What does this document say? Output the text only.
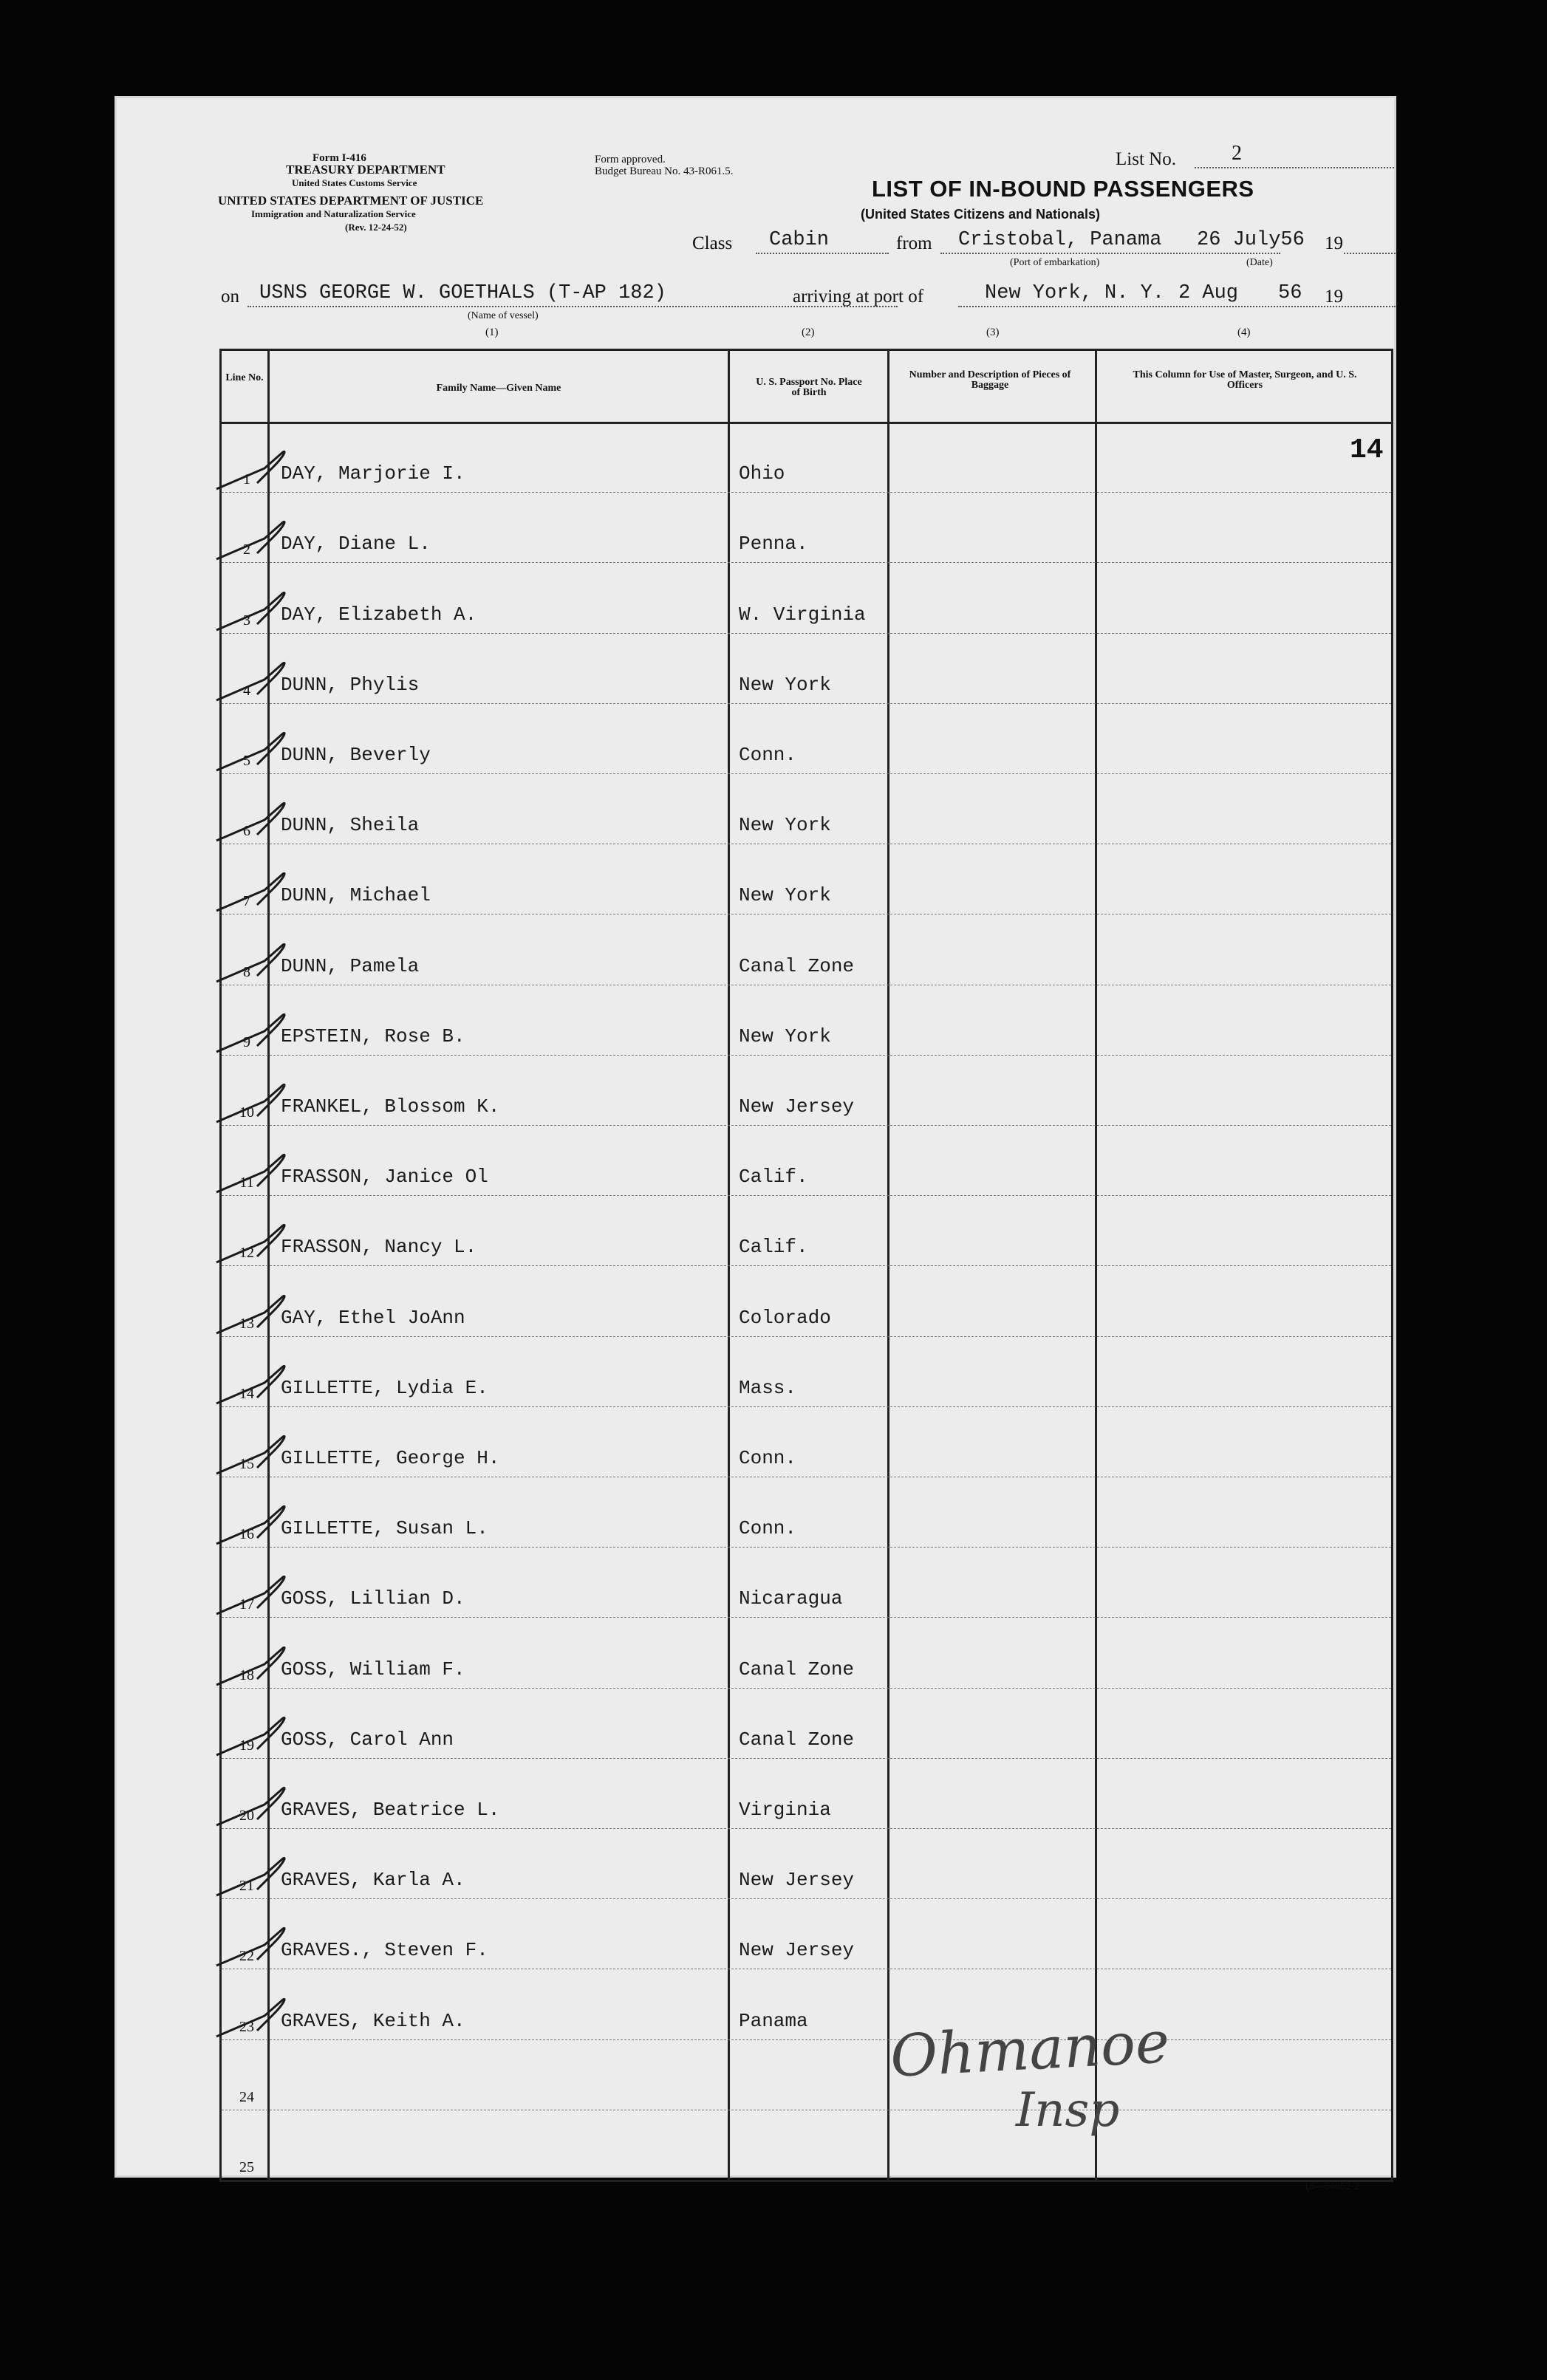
Form I-416
TREASURY DEPARTMENT
United States Customs Service
UNITED STATES DEPARTMENT OF JUSTICE
Immigration and Naturalization Service
(Rev. 12-24-52)
Form approved.
Budget Bureau No. 43-R061.5.
List No.	2
LIST OF IN-BOUND PASSENGERS
(United States Citizens and Nationals)
Class Cabin	from Cristobal, Panama 26 July56 19
(Port of embarkation)	(Date)
on USNS GEORGE W. GOETHALS (T-AP 182)
(Name of vessel)
arriving at port of	New York, N. Y. 2 Aug 56 19
(1)	(2)	(3)	(4)
Line No.
Family Name—Given Name
U. S. Passport No. Place of Birth
Number and Description of Pieces of Baggage
This Column for Use of Master, Surgeon, and U. S. Officers
1	DAY, Marjorie I.	Ohio
2	DAY, Diane L.	Penna.
3	DAY, Elizabeth A.	W. Virginia
4	DUNN, Phylis	New York
5	DUNN, Beverly	Conn.
6	DUNN, Sheila	New York
7	DUNN, Michael	New York
8	DUNN, Pamela	Canal Zone
9	EPSTEIN, Rose B.	New York
10	FRANKEL, Blossom K.	New Jersey
11	FRASSON, Janice Ol	Calif.
12	FRASSON, Nancy L.	Calif.
13	GAY, Ethel JoAnn	Colorado
14	GILLETTE, Lydia E.	Mass.
15	GILLETTE, George H.	Conn.
16	GILLETTE, Susan L.	Conn.
17	GOSS, Lillian D.	Nicaragua
18	GOSS, William F.	Canal Zone
19	GOSS, Carol Ann	Canal Zone
20	GRAVES, Beatrice L.	Virginia
21	GRAVES, Karla A.	New Jersey
22	GRAVES., Steven F.	New Jersey
23	GRAVES, Keith A.	Panama
24
25
14
Ohmanoe
Insp
16—54052-2
